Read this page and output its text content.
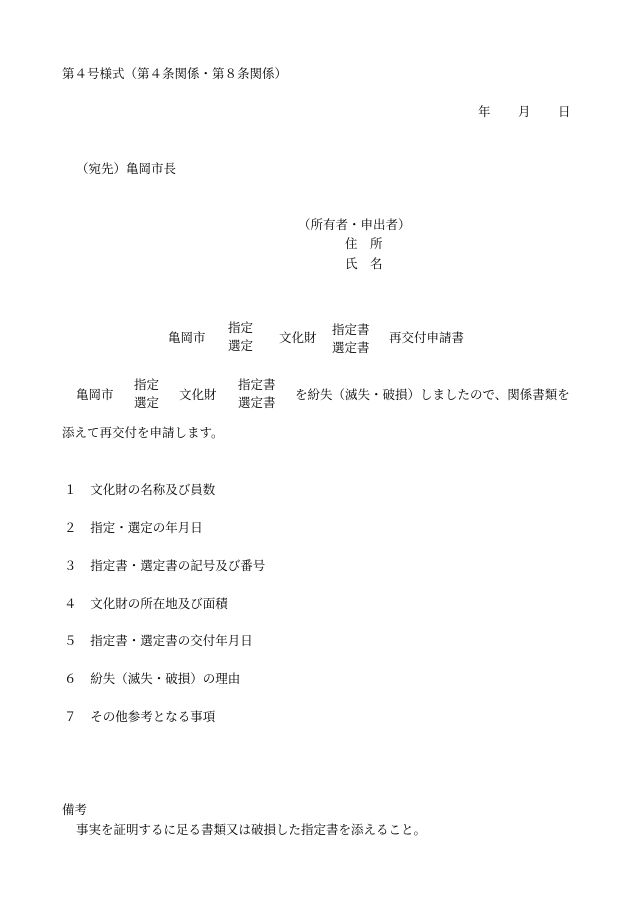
第４号様式（第４条関係・第８条関係）
年 月 日
（宛先）亀岡市長
（所有者・申出者）
住　所
氏　名
亀岡市
指定
選定
文化財
指定書
選定書
再交付申請書
亀岡市
指定
選定
文化財
指定書
選定書
を紛失（滅失・破損）しましたので、関係書類を
添えて再交付を申請します。
１ 文化財の名称及び員数
２ 指定・選定の年月日
３ 指定書・選定書の記号及び番号
４ 文化財の所在地及び面積
５ 指定書・選定書の交付年月日
６ 紛失（滅失・破損）の理由
７ その他参考となる事項
備考
事実を証明するに足る書類又は破損した指定書を添えること。
